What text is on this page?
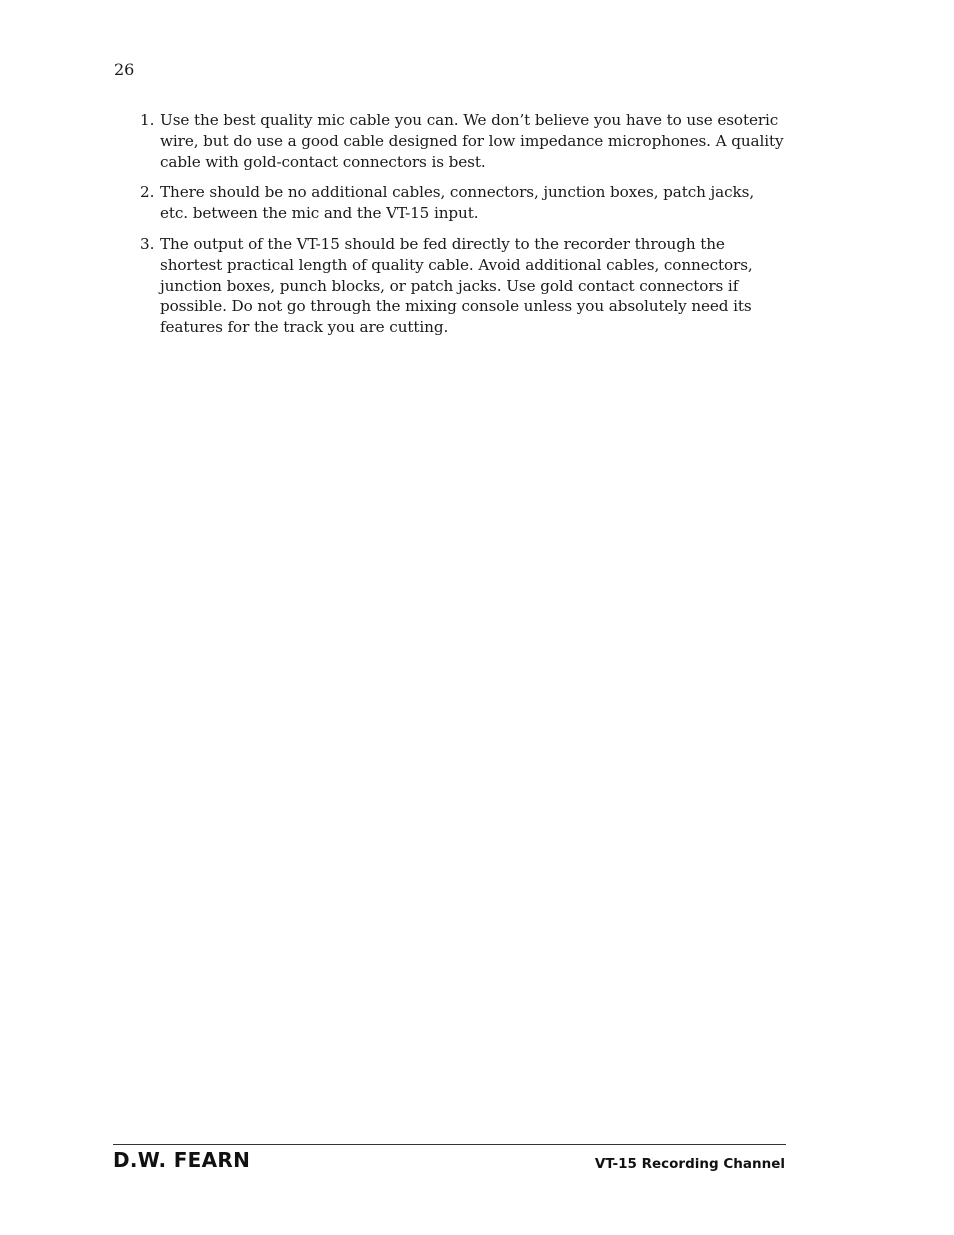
26
1. Use the best quality mic cable you can. We don’t believe you have to use esoteric wire, but do use a good cable designed for low impedance microphones. A quality cable with gold-contact connectors is best.
2. There should be no additional cables, connectors, junction boxes, patch jacks, etc. between the mic and the VT-15 input.
3. The output of the VT-15 should be fed directly to the recorder through the shortest practical length of quality cable. Avoid additional cables, connectors, junction boxes, punch blocks, or patch jacks. Use gold contact connectors if possible. Do not go through the mixing console unless you absolutely need its features for the track you are cutting.
D.W. FEARN	VT-15 Recording Channel
